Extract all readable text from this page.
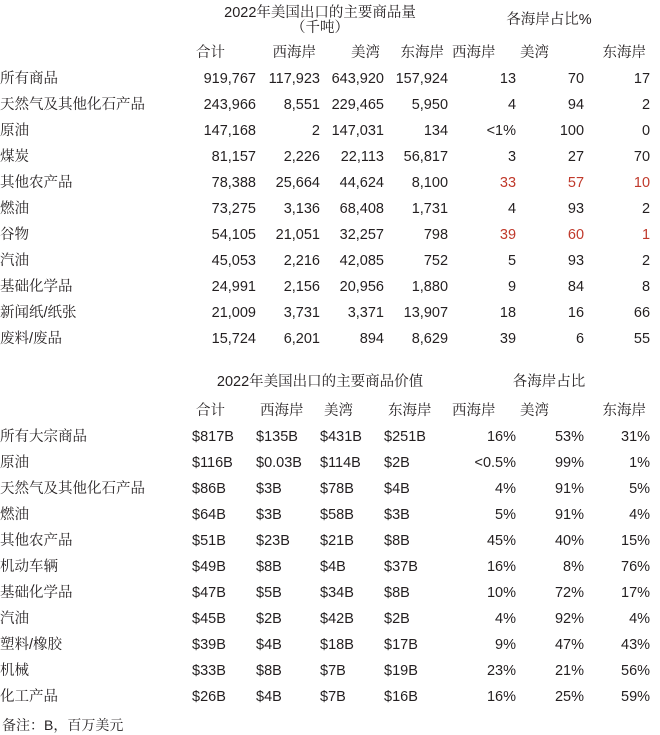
	2022年美国出口的主要商品量
（千吨）				各海岸占比%		
	合计	西海岸	美湾	东海岸	西海岸	美湾	东海岸
所有商品	919,767	117,923	643,920	157,924	13	70	17
天然气及其他化石产品	243,966	8,551	229,465	5,950	4	94	2
原油	147,168	2	147,031	134	<1%	100	0
煤炭	81,157	2,226	22,113	56,817	3	27	70
其他农产品	78,388	25,664	44,624	8,100	33	57	10
燃油	73,275	3,136	68,408	1,731	4	93	2
谷物	54,105	21,051	32,257	798	39	60	1
汽油	45,053	2,216	42,085	752	5	93	2
基础化学品	24,991	2,156	20,956	1,880	9	84	8
新闻纸/纸张	21,009	3,731	3,371	13,907	18	16	66
废料/废品	15,724	6,201	894	8,629	39	6	55
	2022年美国出口的主要商品价值				各海岸占比		
	合计	西海岸	美湾	东海岸	西海岸	美湾	东海岸
所有大宗商品	$817B	$135B	$431B	$251B	16%	53%	31%
原油	$116B	$0.03B	$114B	$2B	<0.5%	99%	1%
天然气及其他化石产品	$86B	$3B	$78B	$4B	4%	91%	5%
燃油	$64B	$3B	$58B	$3B	5%	91%	4%
其他农产品	$51B	$23B	$21B	$8B	45%	40%	15%
机动车辆	$49B	$8B	$4B	$37B	16%	8%	76%
基础化学品	$47B	$5B	$34B	$8B	10%	72%	17%
汽油	$45B	$2B	$42B	$2B	4%	92%	4%
塑料/橡胶	$39B	$4B	$18B	$17B	9%	47%	43%
机械	$33B	$8B	$7B	$19B	23%	21%	56%
化工产品	$26B	$4B	$7B	$16B	16%	25%	59%
备注：B，百万美元
